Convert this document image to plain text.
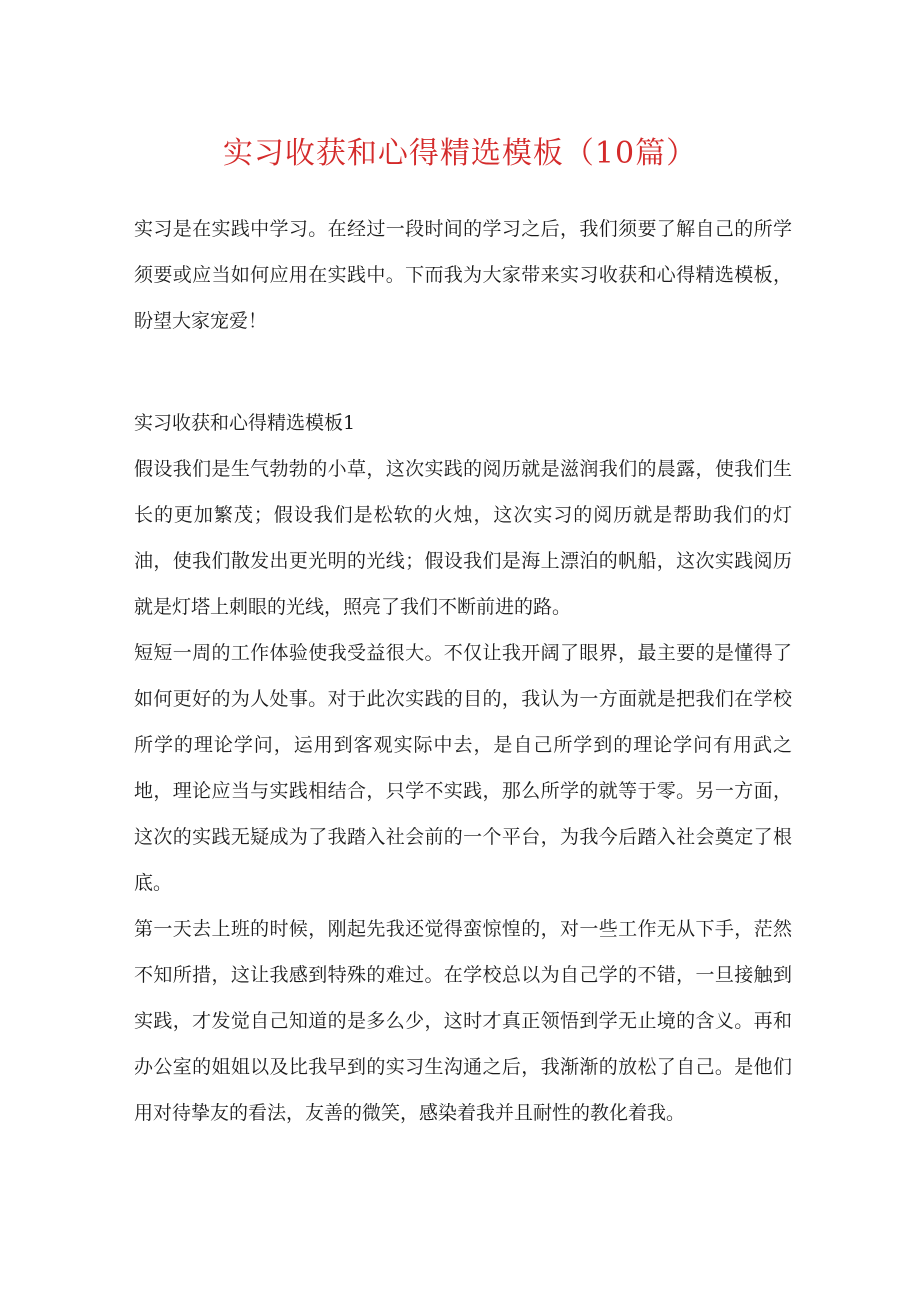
实习收获和心得精选模板（10篇）

实习是在实践中学习。在经过一段时间的学习之后，我们须要了解自己的所学须要或应当如何应用在实践中。下而我为大家带来实习收获和心得精选模板，盼望大家宠爱！

实习收获和心得精选模板1

假设我们是生气勃勃的小草，这次实践的阅历就是滋润我们的晨露，使我们生长的更加繁茂；假设我们是松软的火烛，这次实习的阅历就是帮助我们的灯油，使我们散发出更光明的光线；假设我们是海上漂泊的帆船，这次实践阅历就是灯塔上刺眼的光线，照亮了我们不断前进的路。

短短一周的工作体验使我受益很大。不仅让我开阔了眼界，最主要的是懂得了如何更好的为人处事。对于此次实践的目的，我认为一方面就是把我们在学校所学的理论学问，运用到客观实际中去，是自己所学到的理论学问有用武之地，理论应当与实践相结合，只学不实践，那么所学的就等于零。另一方面，这次的实践无疑成为了我踏入社会前的一个平台，为我今后踏入社会奠定了根底。

第一天去上班的时候，刚起先我还觉得蛮惊惶的，对一些工作无从下手，茫然不知所措，这让我感到特殊的难过。在学校总以为自己学的不错，一旦接触到实践，才发觉自己知道的是多么少，这时才真正领悟到学无止境的含义。再和办公室的姐姐以及比我早到的实习生沟通之后，我渐渐的放松了自己。是他们用对待挚友的看法，友善的微笑，感染着我并且耐性的教化着我。
